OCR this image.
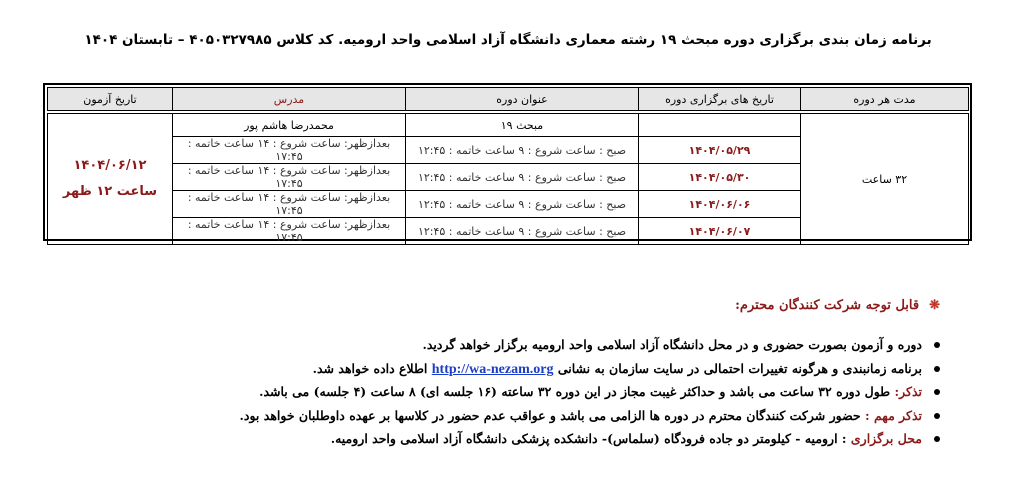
برنامه زمان بندی برگزاری دوره مبحث ۱۹ رشته معماری دانشگاه آزاد اسلامی واحد ارومیه. کد کلاس ۴۰۵۰۳۲۷۹۸۵ – تابستان ۱۴۰۴
مدت هر دوره	تاریخ های برگزاری دوره	عنوان دوره	مدرس	تاریخ آزمون

۳۲ ساعت		مبحث ۱۹	محمدرضا هاشم پور	۱۴۰۴/۰۶/۱۲
ساعت ۱۲ ظهر

	۱۴۰۴/۰۵/۲۹	صبح : ساعت شروع : ۹ ساعت خاتمه : ۱۲:۴۵	بعدازظهر: ساعت شروع : ۱۴ ساعت خاتمه : ۱۷:۴۵	
	۱۴۰۴/۰۵/۳۰	صبح : ساعت شروع : ۹ ساعت خاتمه : ۱۲:۴۵	بعدازظهر: ساعت شروع : ۱۴ ساعت خاتمه : ۱۷:۴۵	
	۱۴۰۴/۰۶/۰۶	صبح : ساعت شروع : ۹ ساعت خاتمه : ۱۲:۴۵	بعدازظهر: ساعت شروع : ۱۴ ساعت خاتمه : ۱۷:۴۵	
	۱۴۰۴/۰۶/۰۷	صبح : ساعت شروع : ۹ ساعت خاتمه : ۱۲:۴۵	بعدازظهر: ساعت شروع : ۱۴ ساعت خاتمه : ۱۷:۴۵	
❋قابل توجه شرکت کنندگان محترم:
دوره و آزمون بصورت حضوری و در محل دانشگاه آزاد اسلامی واحد ارومیه برگزار خواهد گردید.
برنامه زمانبندی و هرگونه تغییرات احتمالی در سایت سازمان به نشانی http://wa-nezam.org اطلاع داده خواهد شد.
تذکر: طول دوره ۳۲ ساعت می باشد و حداکثر غیبت مجاز در این دوره ۳۲ ساعته (۱۶ جلسه ای) ۸ ساعت (۴ جلسه) می باشد.
تذکر مهم : حضور شرکت کنندگان محترم در دوره ها الزامی می باشد و عواقب عدم حضور در کلاسها بر عهده داوطلبان خواهد بود.
محل برگزاری : ارومیه - کیلومتر دو جاده فرودگاه (سلماس)- دانشکده پزشکی دانشگاه آزاد اسلامی واحد ارومیه.
